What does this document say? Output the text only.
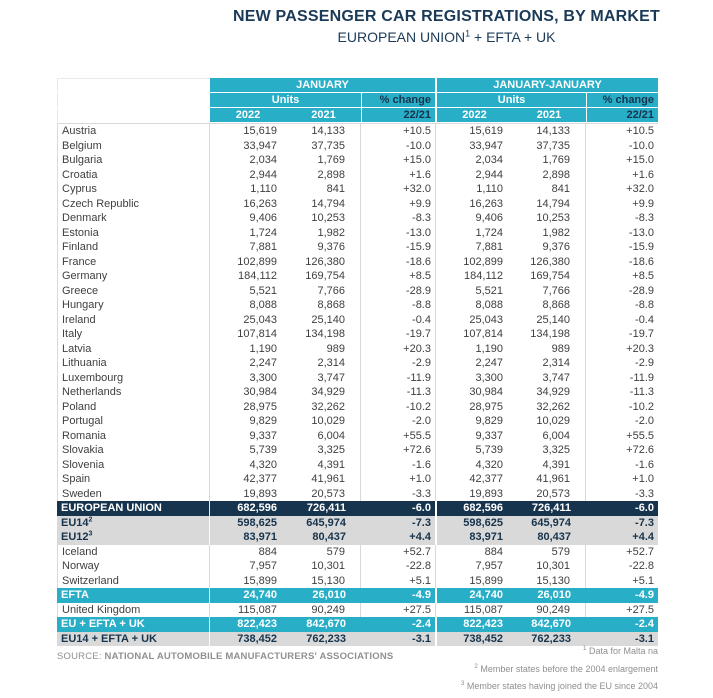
NEW PASSENGER CAR REGISTRATIONS, BY MARKET
EUROPEAN $UNION^1$ + EFTA + UK
JANUARY	JANUARY-JANUARY
Units	% change	Units	% change
2022	2021	22/21	2022	2021	22/21
Austria	15,619	14,133	+10.5	15,619	14,133	+10.5
Belgium	33,947	37,735	-10.0	33,947	37,735	-10.0
Bulgaria	2,034	1,769	+15.0	2,034	1,769	+15.0
Croatia	2,944	2,898	+1.6	2,944	2,898	+1.6
Cyprus	1,110	841	+32.0	1,110	841	+32.0
Czech Republic	16,263	14,794	+9.9	16,263	14,794	+9.9
Denmark	9,406	10,253	-8.3	9,406	10,253	-8.3
Estonia	1,724	1,982	-13.0	1,724	1,982	-13.0
Finland	7,881	9,376	-15.9	7,881	9,376	-15.9
France	102,899	126,380	-18.6	102,899	126,380	-18.6
Germany	184,112	169,754	+8.5	184,112	169,754	+8.5
Greece	5,521	7,766	-28.9	5,521	7,766	-28.9
Hungary	8,088	8,868	-8.8	8,088	8,868	-8.8
Ireland	25,043	25,140	-0.4	25,043	25,140	-0.4
Italy	107,814	134,198	-19.7	107,814	134,198	-19.7
Latvia	1,190	989	+20.3	1,190	989	+20.3
Lithuania	2,247	2,314	-2.9	2,247	2,314	-2.9
Luxembourg	3,300	3,747	-11.9	3,300	3,747	-11.9
Netherlands	30,984	34,929	-11.3	30,984	34,929	-11.3
Poland	28,975	32,262	-10.2	28,975	32,262	-10.2
Portugal	9,829	10,029	-2.0	9,829	10,029	-2.0
Romania	9,337	6,004	+55.5	9,337	6,004	+55.5
Slovakia	5,739	3,325	+72.6	5,739	3,325	+72.6
Slovenia	4,320	4,391	-1.6	4,320	4,391	-1.6
Spain	42,377	41,961	+1.0	42,377	41,961	+1.0
Sweden	19,893	20,573	-3.3	19,893	20,573	-3.3
EUROPEAN UNION	682,596	726,411	-6.0	682,596	726,411	-6.0
$EU14^2$	598,625	645,974	-7.3	598,625	645,974	-7.3
$EU12^3$	83,971	80,437	+4.4	83,971	80,437	+4.4
Iceland	884	579	+52.7	884	579	+52.7
Norway	7,957	10,301	-22.8	7,957	10,301	-22.8
Switzerland	15,899	15,130	+5.1	15,899	15,130	+5.1
EFTA	24,740	26,010	-4.9	24,740	26,010	-4.9
United Kingdom	115,087	90,249	+27.5	115,087	90,249	+27.5
EU + EFTA + UK	822,423	842,670	-2.4	822,423	842,670	-2.4
EU14 + EFTA + UK	738,452	762,233	-3.1	738,452	762,233	-3.1
SOURCE: NATIONAL AUTOMOBILE MANUFACTURERS' ASSOCIATIONS
$^1$ Data for Malta na
$^2$ Member states before the 2004 enlargement
$^3$ Member states having joined the EU since 2004
